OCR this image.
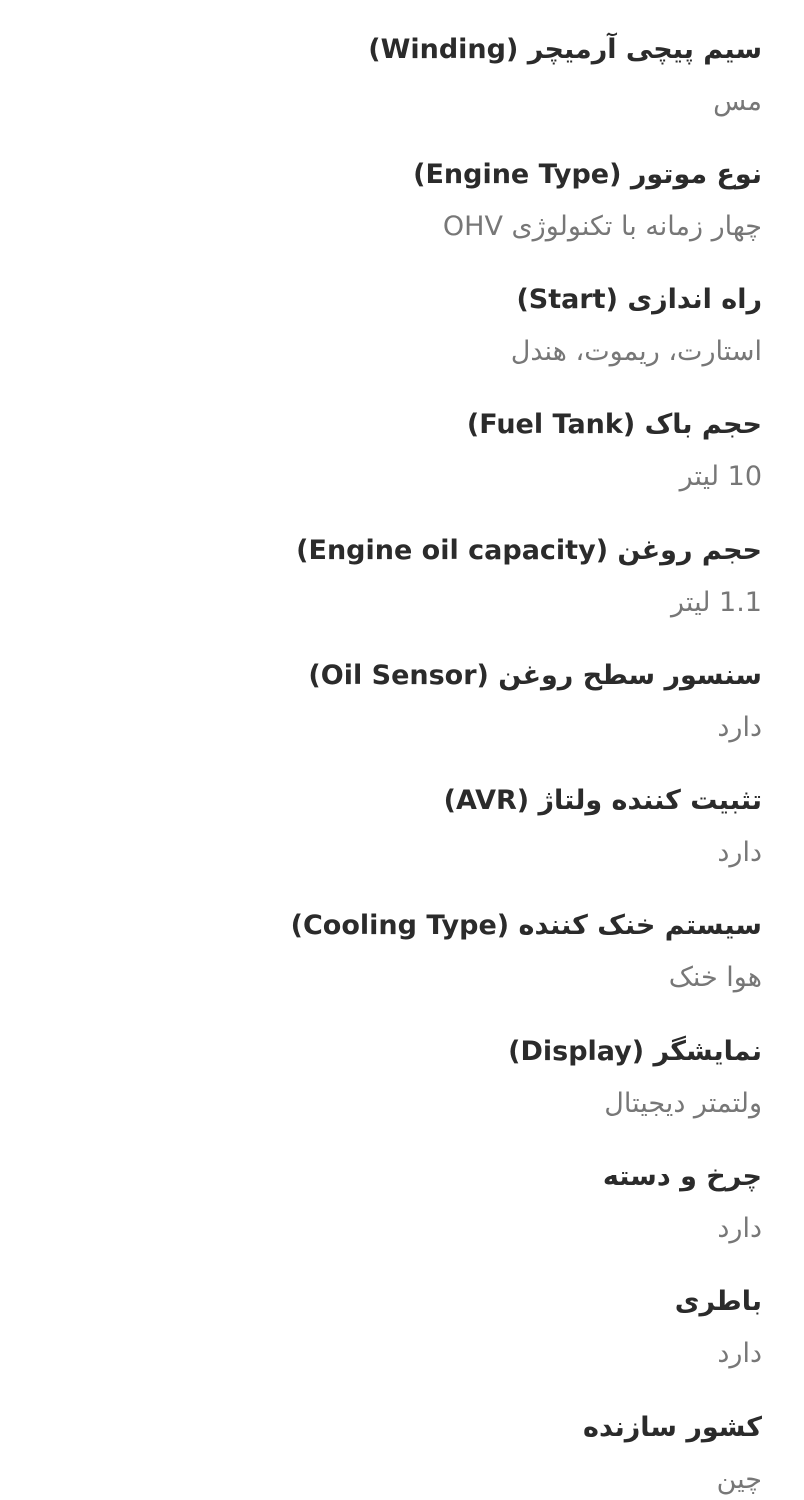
سیم پیچی آرمیچر (Winding)
مس
نوع موتور (Engine Type)
چهار زمانه با تکنولوژی OHV
راه اندازی (Start)
استارت، ریموت، هندل
حجم باک (Fuel Tank)
10 لیتر
حجم روغن (Engine oil capacity)
1.1 لیتر
سنسور سطح روغن (Oil Sensor)
دارد
تثبیت کننده ولتاژ (AVR)
دارد
سیستم خنک کننده (Cooling Type)
هوا خنک
نمایشگر (Display)
ولتمتر دیجیتال
چرخ و دسته
دارد
باطری
دارد
کشور سازنده
چین
